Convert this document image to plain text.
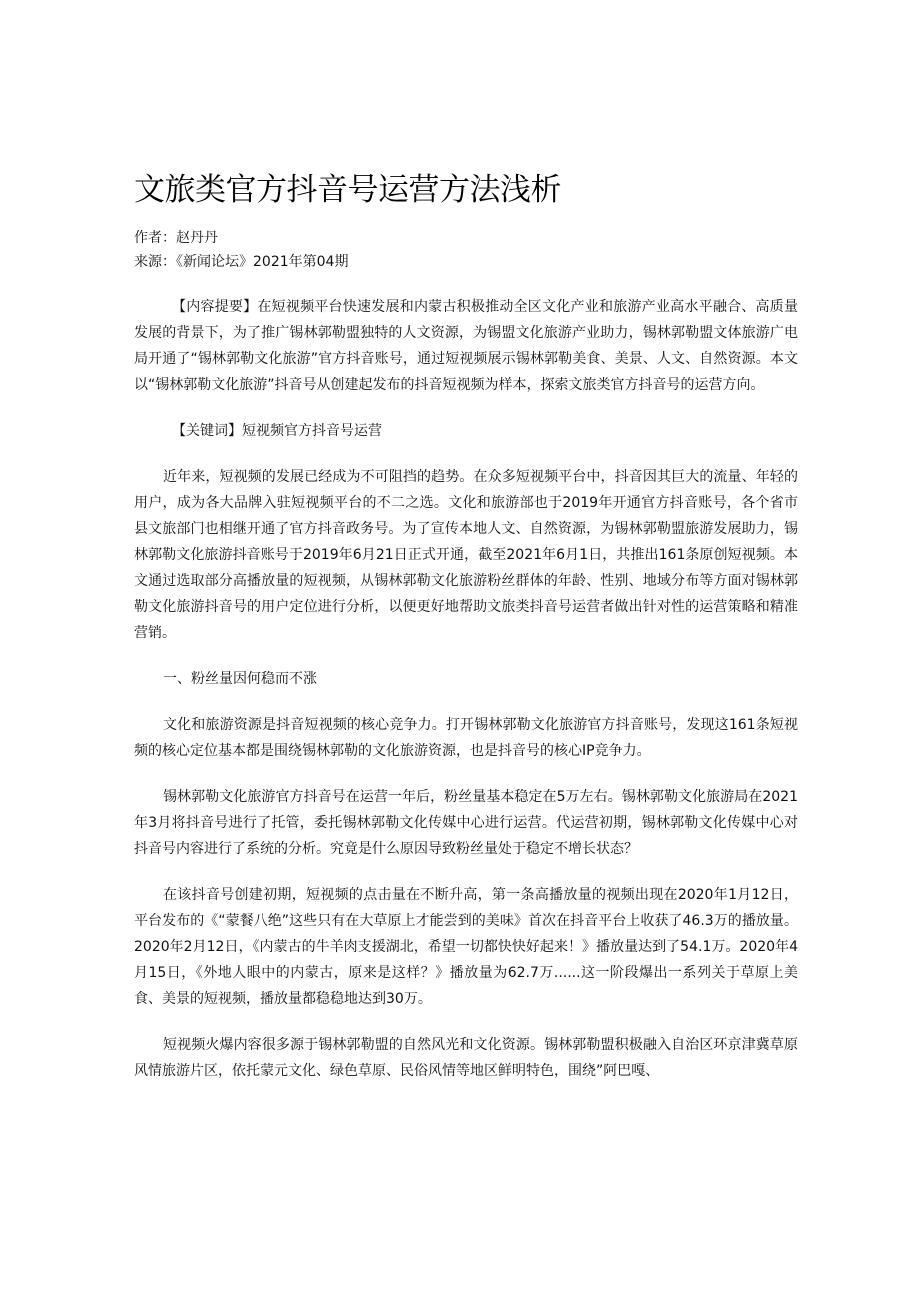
文旅类官方抖音号运营方法浅析

作者：赵丹丹

来源：《新闻论坛》2021年第04期

【内容提要】在短视频平台快速发展和内蒙古积极推动全区文化产业和旅游产业高水平融合、高质量发展的背景下，为了推广锡林郭勒盟独特的人文资源，为锡盟文化旅游产业助力，锡林郭勒盟文体旅游广电局开通了“锡林郭勒文化旅游”官方抖音账号，通过短视频展示锡林郭勒美食、美景、人文、自然资源。本文以“锡林郭勒文化旅游”抖音号从创建起发布的抖音短视频为样本，探索文旅类官方抖音号的运营方向。

【关键词】短视频官方抖音号运营

近年来，短视频的发展已经成为不可阻挡的趋势。在众多短视频平台中，抖音因其巨大的流量、年轻的用户，成为各大品牌入驻短视频平台的不二之选。文化和旅游部也于2019年开通官方抖音账号，各个省市县文旅部门也相继开通了官方抖音政务号。为了宣传本地人文、自然资源，为锡林郭勒盟旅游发展助力，锡林郭勒文化旅游抖音账号于2019年6月21日正式开通，截至2021年6月1日，共推出161条原创短视频。本文通过选取部分高播放量的短视频，从锡林郭勒文化旅游粉丝群体的年龄、性别、地域分布等方面对锡林郭勒文化旅游抖音号的用户定位进行分析，以便更好地帮助文旅类抖音号运营者做出针对性的运营策略和精准营销。

一、粉丝量因何稳而不涨

文化和旅游资源是抖音短视频的核心竞争力。打开锡林郭勒文化旅游官方抖音账号，发现这161条短视频的核心定位基本都是围绕锡林郭勒的文化旅游资源，也是抖音号的核心IP竞争力。

锡林郭勒文化旅游官方抖音号在运营一年后，粉丝量基本稳定在5万左右。锡林郭勒文化旅游局在2021年3月将抖音号进行了托管，委托锡林郭勒文化传媒中心进行运营。代运营初期，锡林郭勒文化传媒中心对抖音号内容进行了系统的分析。究竟是什么原因导致粉丝量处于稳定不增长状态？

在该抖音号创建初期，短视频的点击量在不断升高，第一条高播放量的视频出现在2020年1月12日，平台发布的《“蒙餐八绝”这些只有在大草原上才能尝到的美味》首次在抖音平台上收获了46.3万的播放量。2020年2月12日，《内蒙古的牛羊肉支援湖北，希望一切都快快好起来！》播放量达到了54.1万。2020年4月15日，《外地人眼中的内蒙古，原来是这样？》播放量为62.7万......这一阶段爆出一系列关于草原上美食、美景的短视频，播放量都稳稳地达到30万。

短视频火爆内容很多源于锡林郭勒盟的自然风光和文化资源。锡林郭勒盟积极融入自治区环京津冀草原风情旅游片区，依托蒙元文化、绿色草原、民俗风情等地区鲜明特色，围绕”阿巴嘎、
